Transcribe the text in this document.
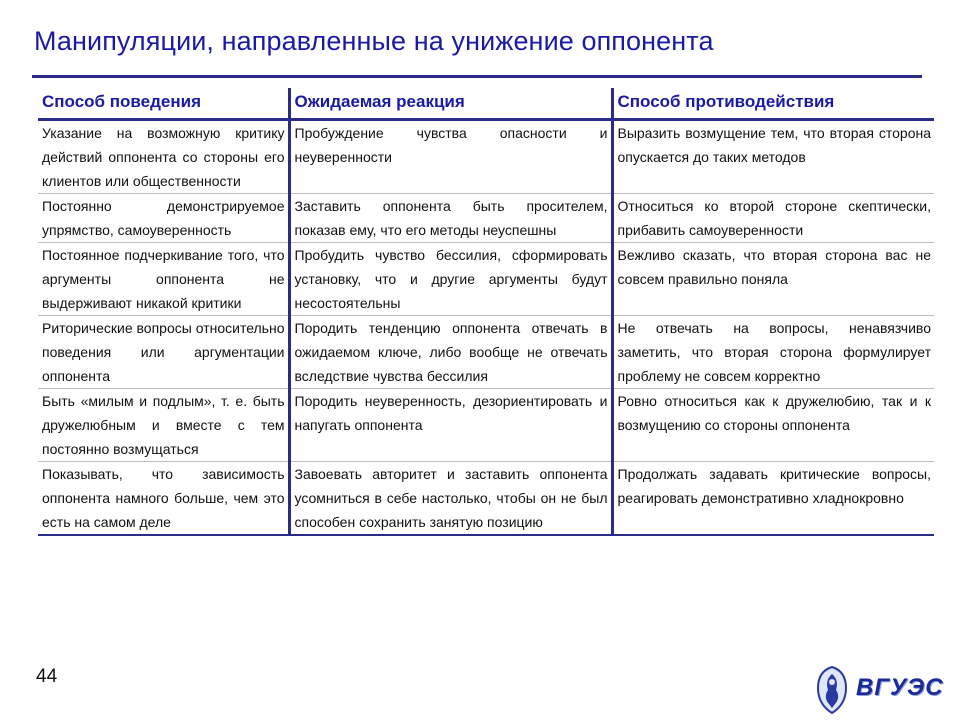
Манипуляции, направленные на унижение оппонента
Способ поведения	Ожидаемая реакция	Способ противодействия
Указание на возможную критику действий оппонента со стороны его клиентов или общественности	Пробуждение чувства опасности и неуверенности	Выразить возмущение тем, что вторая сторона опускается до таких методов
Постоянно демонстрируемое упрямство, самоуверенность	Заставить оппонента быть просителем, показав ему, что его методы неуспешны	Относиться ко второй стороне скептически, прибавить самоуверенности
Постоянное подчеркивание того, что аргументы оппонента не выдерживают никакой критики	Пробудить чувство бессилия, сформировать установку, что и другие аргументы будут несостоятельны	Вежливо сказать, что вторая сторона вас не совсем правильно поняла
Риторические вопросы относительно поведения или аргументации оппонента	Породить тенденцию оппонента отвечать в ожидаемом ключе, либо вообще не отвечать вследствие чувства бессилия	Не отвечать на вопросы, ненавязчиво заметить, что вторая сторона формулирует проблему не совсем корректно
Быть «милым и подлым», т. е. быть дружелюбным и вместе с тем постоянно возмущаться	Породить неуверенность, дезориентировать и напугать оппонента	Ровно относиться как к дружелюбию, так и к возмущению со стороны оппонента
Показывать, что зависимость оппонента намного больше, чем это есть на самом деле	Завоевать авторитет и заставить оппонента усомниться в себе настолько, чтобы он не был способен сохранить занятую позицию	Продолжать задавать критические вопросы, реагировать демонстративно хладнокровно
44	ВГУЭС
